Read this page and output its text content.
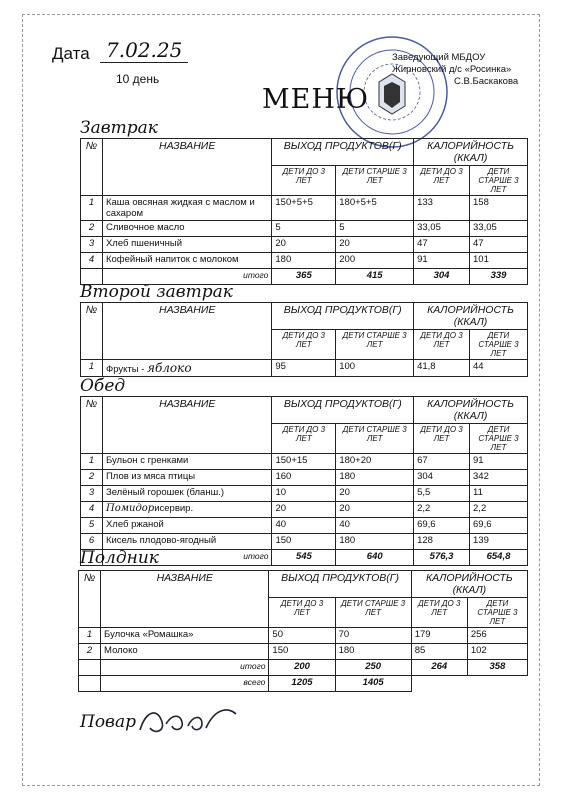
Дата 7.02.25
10 день
Заведующий МБДОУ
Жирновский д/с «Росинка»
С.В.Баскакова
МЕНЮ
Завтрак
№	НАЗВАНИЕ	ВЫХОД ПРОДУКТОВ(Г)		КАЛОРИЙНОСТЬ (ККАЛ)	
		ДЕТИ ДО 3 ЛЕТ	ДЕТИ СТАРШЕ 3 ЛЕТ	ДЕТИ ДО 3 ЛЕТ	ДЕТИ СТАРШЕ 3 ЛЕТ
1	Каша овсяная жидкая с маслом и сахаром	150+5+5	180+5+5	133	158
2	Сливочное масло	5	5	33,05	33,05
3	Хлеб пшеничный	20	20	47	47
4	Кофейный напиток с молоком	180	200	91	101
	итого	365	415	304	339
Второй завтрак
№	НАЗВАНИЕ	ВЫХОД ПРОДУКТОВ(Г)		КАЛОРИЙНОСТЬ (ККАЛ)	
		ДЕТИ ДО 3 ЛЕТ	ДЕТИ СТАРШЕ 3 ЛЕТ	ДЕТИ ДО 3 ЛЕТ	ДЕТИ СТАРШЕ 3 ЛЕТ
1	Фрукты - яблоко	95	100	41,8	44
Обед
№	НАЗВАНИЕ	ВЫХОД ПРОДУКТОВ(Г)		КАЛОРИЙНОСТЬ (ККАЛ)	
		ДЕТИ ДО 3 ЛЕТ	ДЕТИ СТАРШЕ 3 ЛЕТ	ДЕТИ ДО 3 ЛЕТ	ДЕТИ СТАРШЕ 3 ЛЕТ
1	Бульон с гренками	150+15	180+20	67	91
2	Плов из мяса птицы	160	180	304	342
3	Зелёный горошек (бланш.)	10	20	5,5	11
4	Помидорисервир.	20	20	2,2	2,2
5	Хлеб ржаной	40	40	69,6	69,6
6	Кисель плодово-ягодный	150	180	128	139
	итого	545	640	576,3	654,8
Полдник
№	НАЗВАНИЕ	ВЫХОД ПРОДУКТОВ(Г)		КАЛОРИЙНОСТЬ (ККАЛ)	
		ДЕТИ ДО 3 ЛЕТ	ДЕТИ СТАРШЕ 3 ЛЕТ	ДЕТИ ДО 3 ЛЕТ	ДЕТИ СТАРШЕ 3 ЛЕТ
1	Булочка «Ромашка»	50	70	179	256
2	Молоко	150	180	85	102
	итого	200	250	264	358
	всего	1205	1405		
Повар
